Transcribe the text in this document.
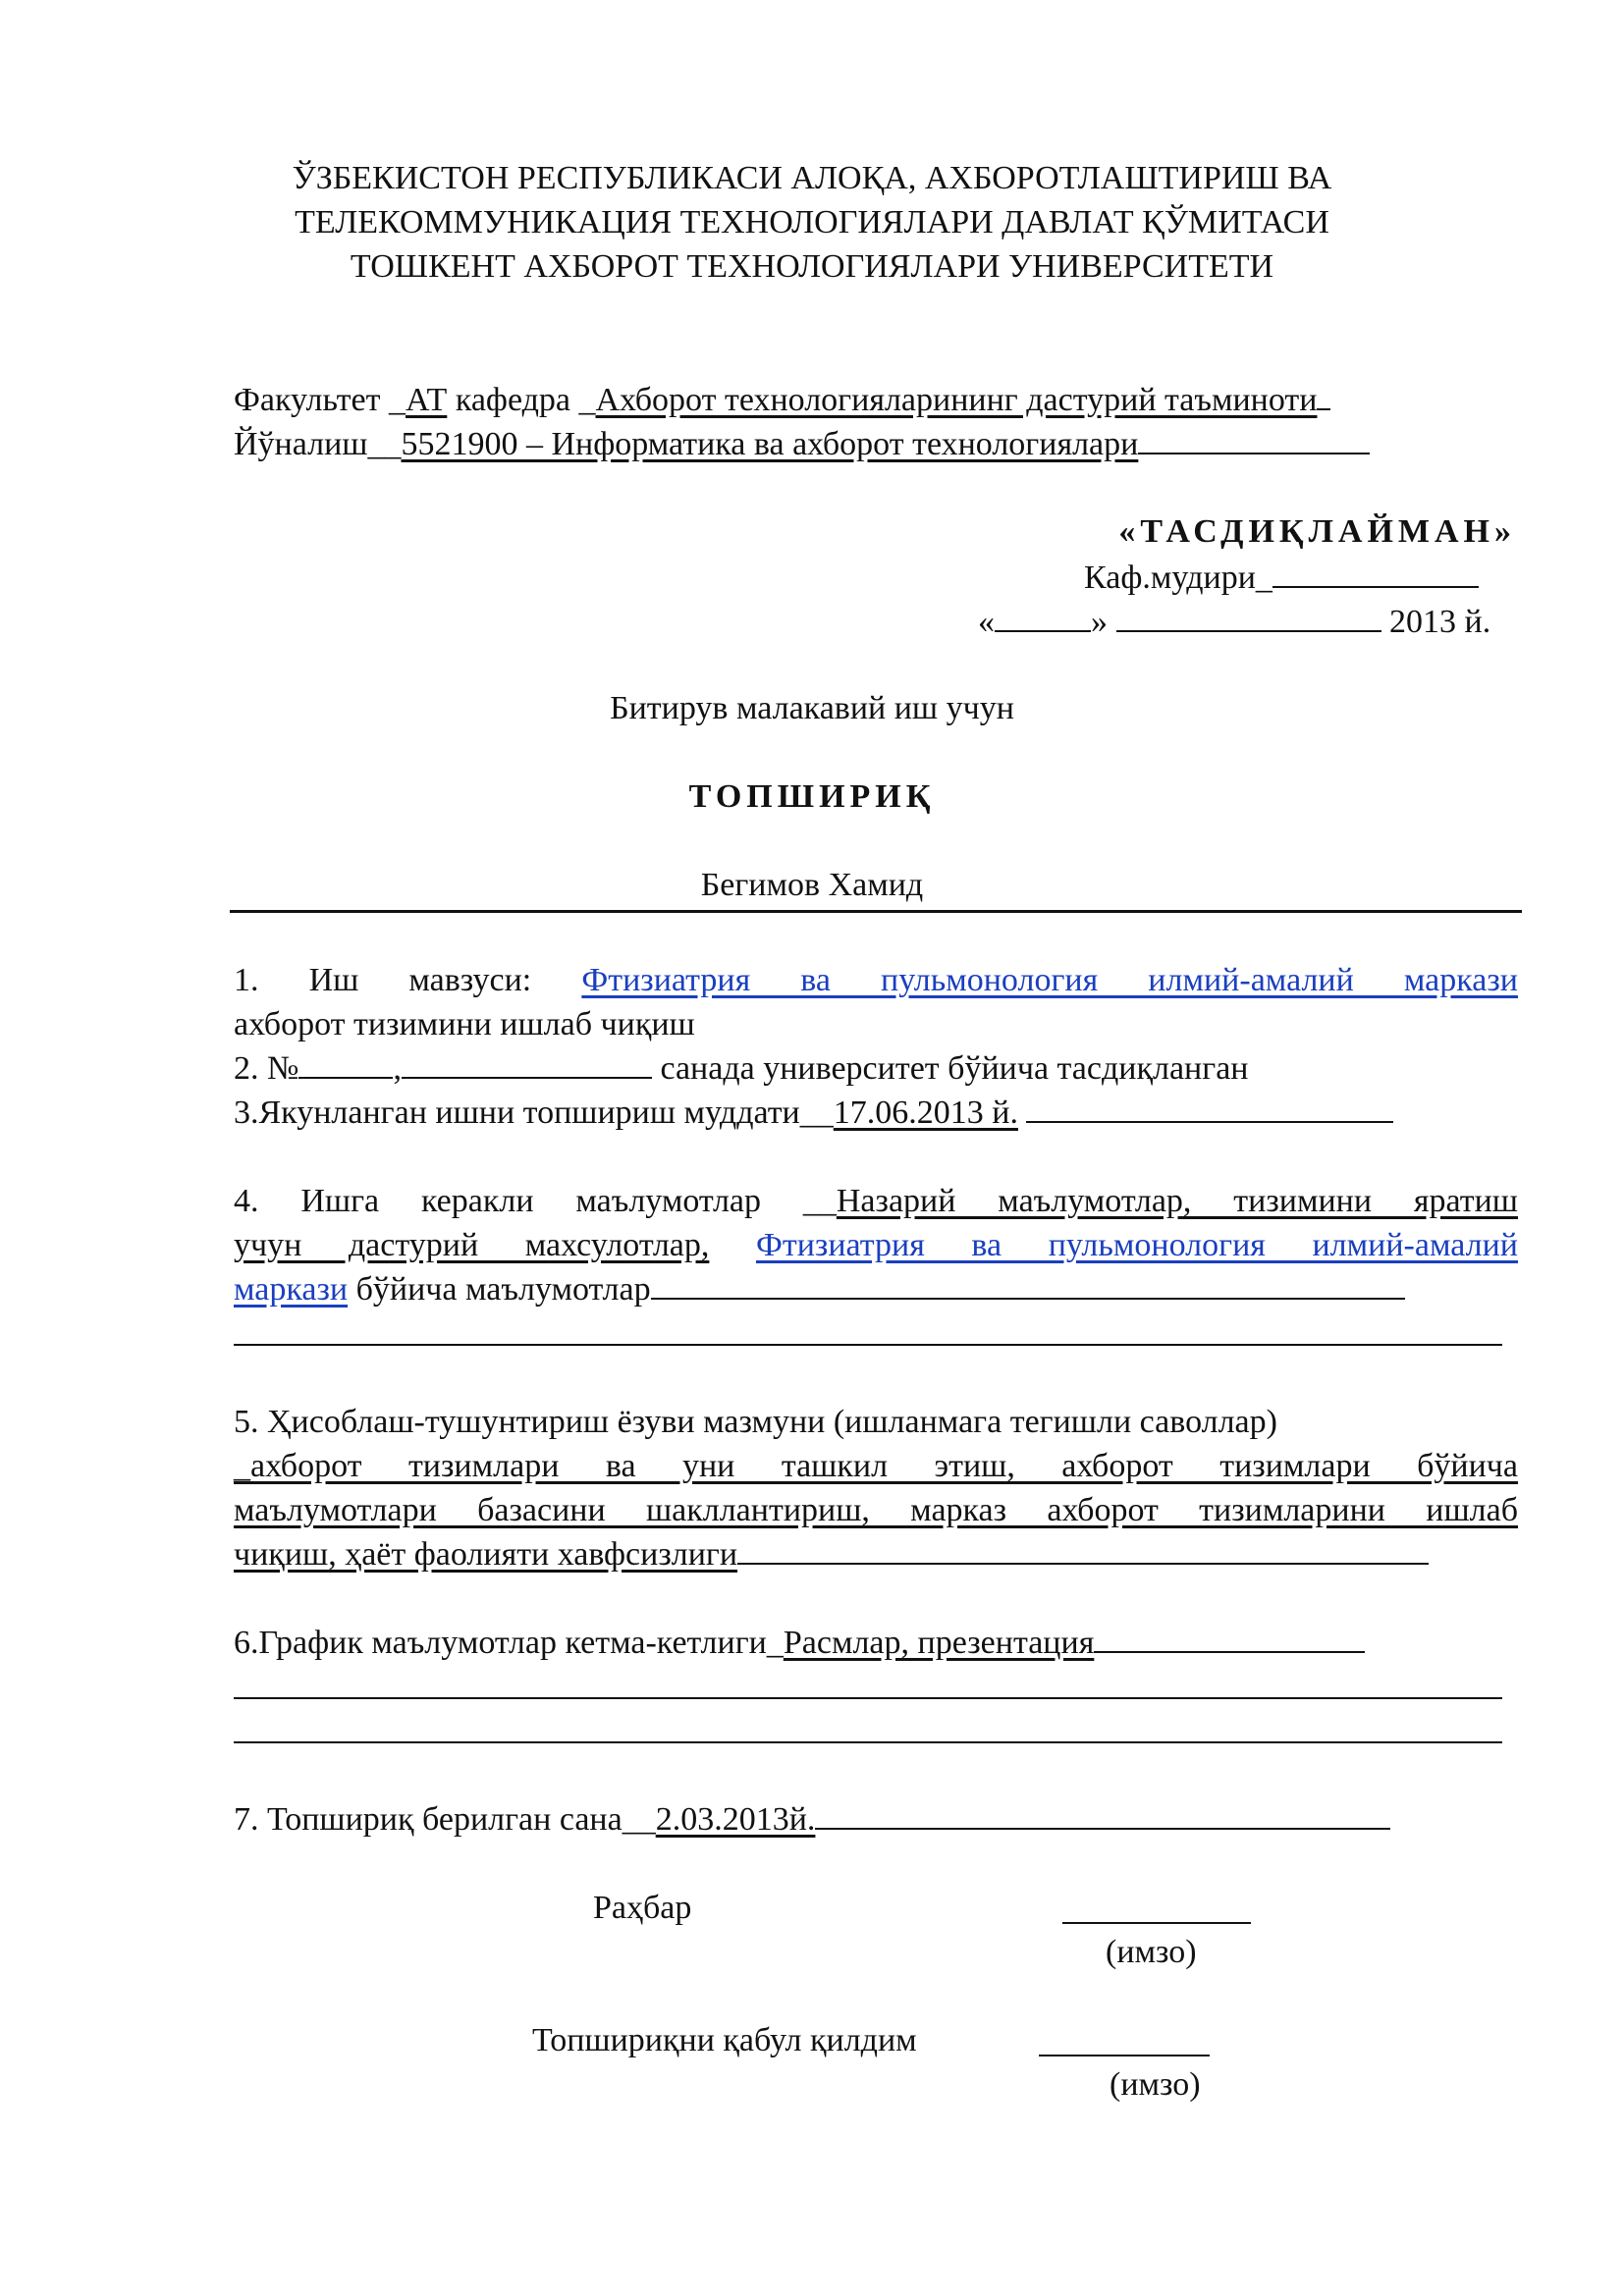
ЎЗБЕКИСТОН РЕСПУБЛИКАСИ АЛОҚА, АХБОРОТЛАШТИРИШ ВА
ТЕЛЕКОММУНИКАЦИЯ ТЕХНОЛОГИЯЛАРИ ДАВЛАТ ҚЎМИТАСИ
ТОШКЕНТ АХБОРОТ ТЕХНОЛОГИЯЛАРИ УНИВЕРСИТЕТИ
Факультет _АТ кафедра _Ахборот технологияларининг дастурий таъминоти
Йўналиш__5521900 – Информатика ва ахборот технологиялари
«ТАСДИҚЛАЙМАН»
Каф.мудири_
«	»	2013 й.
Битирув малакавий иш учун
ТОПШИРИҚ
Бегимов Хамид
1. Иш мавзуси: Фтизиатрия ва пульмонология илмий-амалий маркази
ахборот тизимини ишлаб чиқиш
2. №	,	санада университет бўйича тасдиқланган
3.Якунланган ишни топшириш муддати__17.06.2013 й.
4. Ишга керакли маълумотлар __Назарий маълумотлар, тизимини яратиш
учун дастурий махсулотлар, Фтизиатрия ва пульмонология илмий-амалий
маркази бўйича маълумотлар
5. Ҳисоблаш-тушунтириш ёзуви мазмуни (ишланмага тегишли саволлар)
_ахборот тизимлари ва уни ташкил этиш, ахборот тизимлари бўйича
маълумотлари базасини шакллантириш, марказ ахборот тизимларини ишлаб
чиқиш, ҳаёт фаолияти хавфсизлиги
6.График маълумотлар кетма-кетлиги_Расмлар, презентация
7. Топшириқ берилган сана__2.03.2013й.
Раҳбар
(имзо)
Топшириқни қабул қилдим
(имзо)
